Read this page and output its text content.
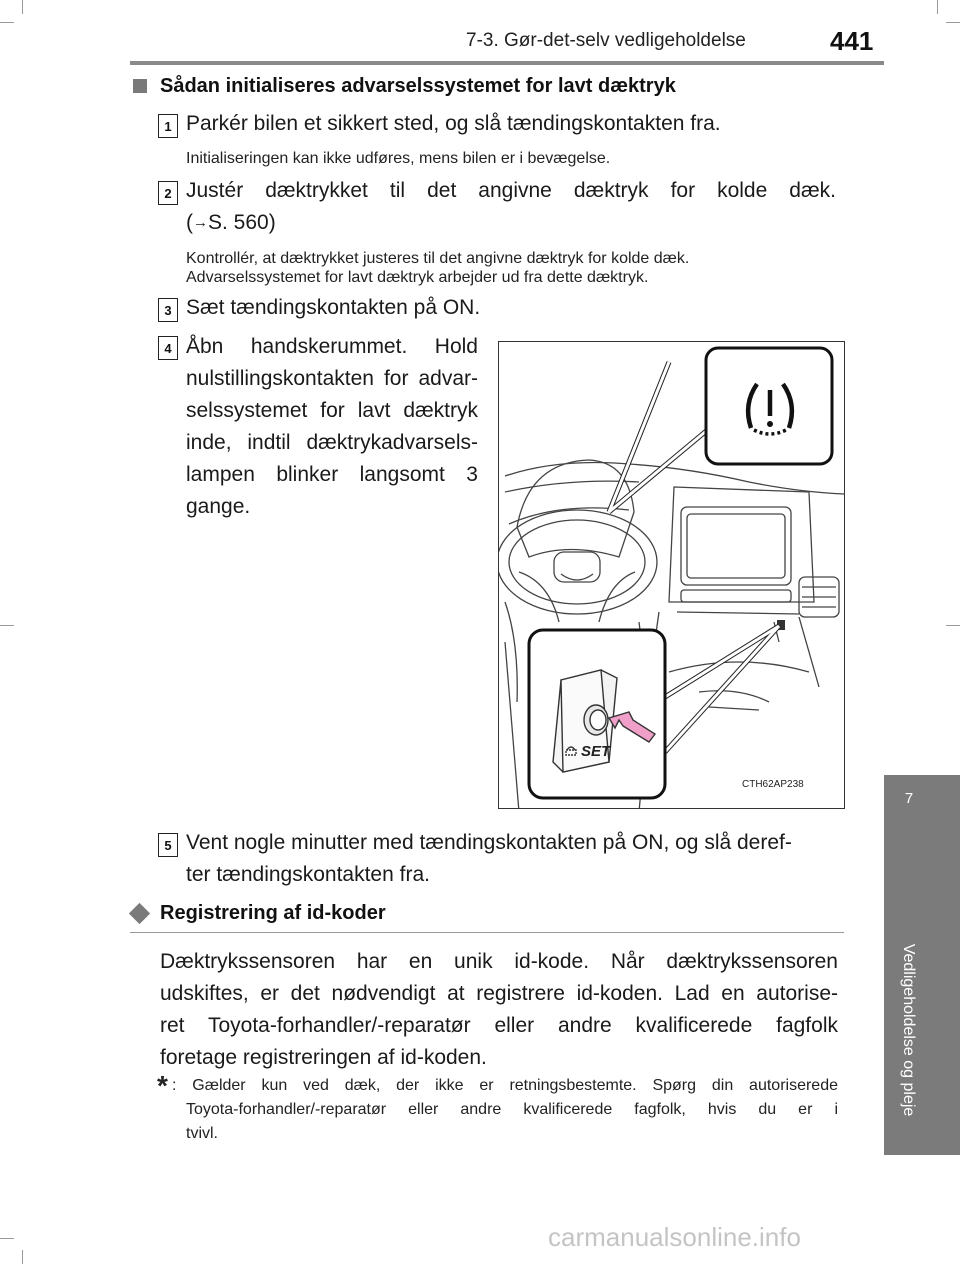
7-3. Gør-det-selv vedligeholdelse	441
7
Vedligeholdelse og pleje
Sådan initialiseres advarselssystemet for lavt dæktryk
1 Parkér bilen et sikkert sted, og slå tændingskontakten fra.
Initialiseringen kan ikke udføres, mens bilen er i bevægelse.
2 Justér dæktrykket til det angivne dæktryk for kolde dæk.
(→S. 560)
Kontrollér, at dæktrykket justeres til det angivne dæktryk for kolde dæk.
Advarselssystemet for lavt dæktryk arbejder ud fra dette dæktryk.
3 Sæt tændingskontakten på ON.
4 Åbn handskerummet. Hold
nulstillingskontakten for advar-
selssystemet for lavt dæktryk
inde, indtil dæktrykadvarsels-
lampen blinker langsomt 3
gange.
SET
CTH62AP238
5 Vent nogle minutter med tændingskontakten på ON, og slå deref-
ter tændingskontakten fra.
Registrering af id-koder
Dæktrykssensoren har en unik id-kode. Når dæktrykssensoren
udskiftes, er det nødvendigt at registrere id-koden. Lad en autorise-
ret Toyota-forhandler/-reparatør eller andre kvalificerede fagfolk
foretage registreringen af id-koden.
* : Gælder kun ved dæk, der ikke er retningsbestemte. Spørg din autoriserede
Toyota-forhandler/-reparatør eller andre kvalificerede fagfolk, hvis du er i
tvivl.
carmanualsonline.info
